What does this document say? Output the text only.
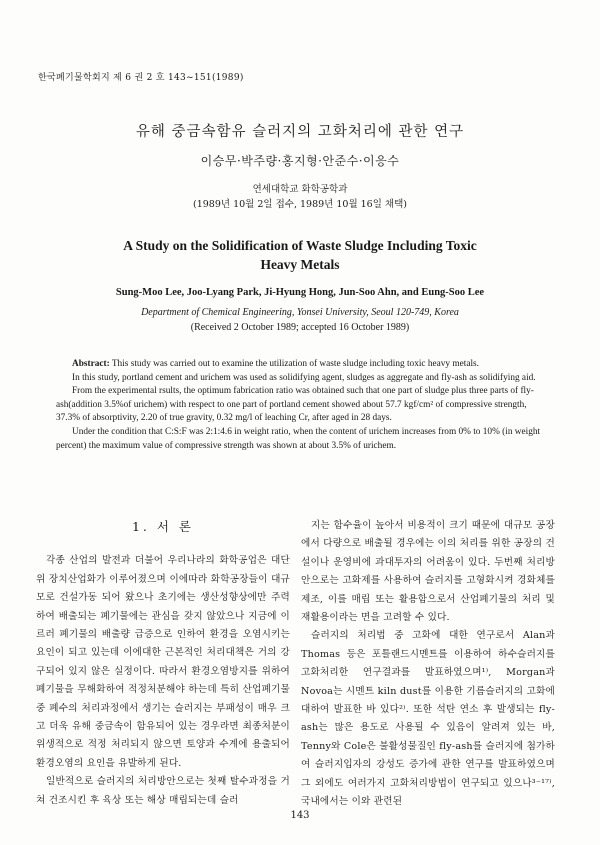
한국폐기물학회지 제 6 권 2 호 143~151(1989)
유해 중금속함유 슬러지의 고화처리에 관한 연구
이승무·박주량·홍지형·안준수·이응수
연세대학교 화학공학과
(1989년 10월 2일 접수, 1989년 10월 16일 채택)
A Study on the Solidification of Waste Sludge Including Toxic
Heavy Metals
Sung-Moo Lee, Joo-Lyang Park, Ji-Hyung Hong, Jun-Soo Ahn, and Eung-Soo Lee
Department of Chemical Engineering, Yonsei University, Seoul 120-749, Korea
(Received 2 October 1989; accepted 16 October 1989)

Abstract: This study was carried out to examine the utilization of waste sludge including toxic heavy metals.

In this study, portland cement and urichem was used as solidifying agent, sludges as aggregate and fly-ash as solidifying aid.

From the experimental rsults, the optimum fabrication ratio was obtained such that one part of sludge plus three parts of fly-ash(addition 3.5%of urichem) with respect to one part of portland cement showed about 57.7 kgf/cm² of compressive strength, 37.3% of absorptivity, 2.20 of true gravity, 0.32 mg/l of leaching Cr, after aged in 28 days.

Under the condition that C:S:F was 2:1:4.6 in weight ratio, when the content of urichem increases from 0% to 10% (in weight percent) the maximum value of compressive strength was shown at about 3.5% of urichem.

1. 서 론

각종 산업의 발전과 더불어 우리나라의 화학공업은 대단위 장치산업화가 이루어졌으며 이에따라 화학공장들이 대규모로 건설가동 되어 왔으나 초기에는 생산성향상에만 주력하여 배출되는 폐기물에는 관심을 갖지 않았으나 지금에 이르러 폐기물의 배출량 급증으로 인하여 환경을 오염시키는 요인이 되고 있는데 이에대한 근본적인 처리대책은 거의 강구되어 있지 않은 실정이다. 따라서 환경오염방지를 위하여 폐기물을 무해화하여 적정처분해야 하는데 특히 산업폐기물 중 폐수의 처리과정에서 생기는 슬러지는 부패성이 매우 크고 더욱 유해 중금속이 함유되어 있는 경우라면 최종처분이 위생적으로 적정 처리되지 않으면 토양과 수계에 용출되어 환경오염의 요인을 유발하게 된다.

일반적으로 슬러지의 처리방안으로는 첫째 탈수과정을 거쳐 건조시킨 후 육상 또는 해상 매립되는데 슬러

지는 함수율이 높아서 비용적이 크기 때문에 대규모 공장에서 다량으로 배출될 경우에는 이의 처리를 위한 공장의 건설이나 운영비에 과대투자의 어려움이 있다. 두번째 처리방안으로는 고화제를 사용하여 슬러지를 고형화시켜 경화체를 제조, 이를 매립 또는 활용함으로서 산업폐기물의 처리 및 재활용이라는 면을 고려할 수 있다.

슬러지의 처리법 중 고화에 대한 연구로서 Alan과 Thomas 등은 포틀랜드시멘트를 이용하여 하수슬러지를 고화처리한 연구결과를 발표하였으며¹⁾, Morgan과 Novoa는 시멘트 kiln dust를 이용한 기름슬러지의 고화에 대하여 발표한 바 있다²⁾. 또한 석탄 연소 후 발생되는 fly-ash는 많은 용도로 사용될 수 있음이 알려져 있는 바, Tenny와 Cole은 불활성물질인 fly-ash를 슬러지에 첨가하여 슬러지입자의 강성도 증가에 관한 연구를 발표하였으며 그 외에도 여러가지 고화처리방법이 연구되고 있으나³⁻¹⁷⁾, 국내에서는 이와 관련된

143
